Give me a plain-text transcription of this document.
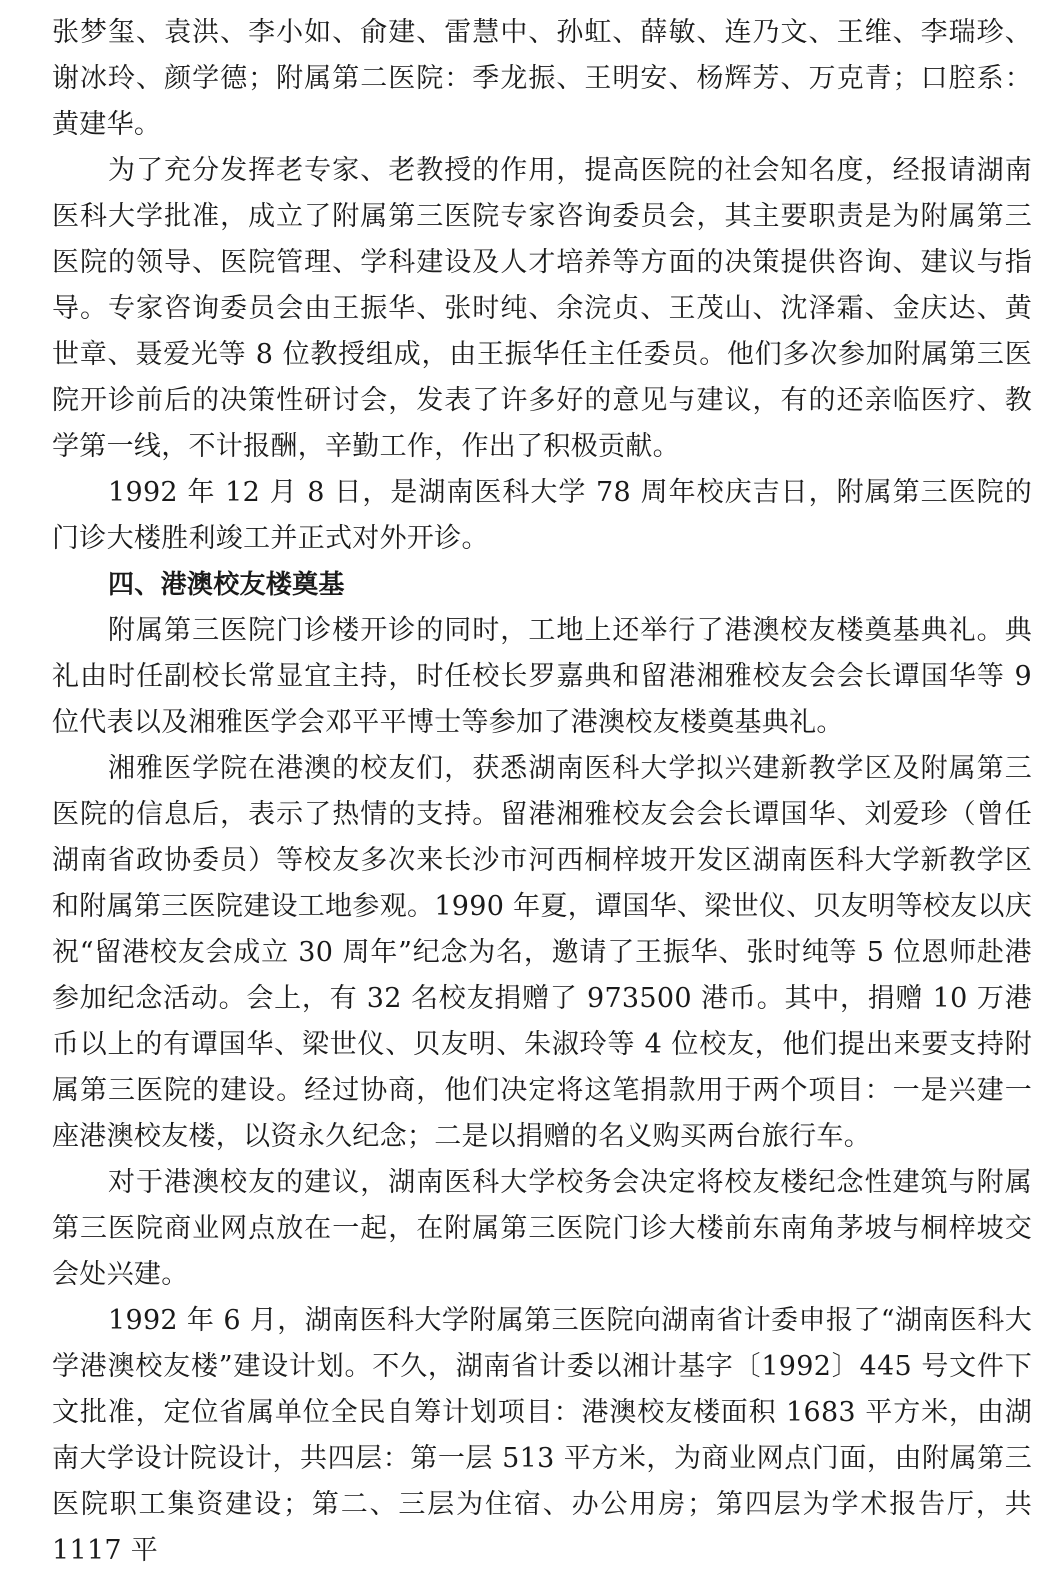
张梦玺、袁洪、李小如、俞建、雷慧中、孙虹、薛敏、连乃文、王维、李瑞珍、谢冰玲、颜学德；附属第二医院：季龙振、王明安、杨辉芳、万克青；口腔系：黄建华。

为了充分发挥老专家、老教授的作用，提高医院的社会知名度，经报请湖南医科大学批准，成立了附属第三医院专家咨询委员会，其主要职责是为附属第三医院的领导、医院管理、学科建设及人才培养等方面的决策提供咨询、建议与指导。专家咨询委员会由王振华、张时纯、余浣贞、王茂山、沈泽霜、金庆达、黄世章、聂爱光等 8 位教授组成，由王振华任主任委员。他们多次参加附属第三医院开诊前后的决策性研讨会，发表了许多好的意见与建议，有的还亲临医疗、教学第一线，不计报酬，辛勤工作，作出了积极贡献。

1992 年 12 月 8 日，是湖南医科大学 78 周年校庆吉日，附属第三医院的门诊大楼胜利竣工并正式对外开诊。

四、港澳校友楼奠基

附属第三医院门诊楼开诊的同时，工地上还举行了港澳校友楼奠基典礼。典礼由时任副校长常显宜主持，时任校长罗嘉典和留港湘雅校友会会长谭国华等 9 位代表以及湘雅医学会邓平平博士等参加了港澳校友楼奠基典礼。

湘雅医学院在港澳的校友们，获悉湖南医科大学拟兴建新教学区及附属第三医院的信息后，表示了热情的支持。留港湘雅校友会会长谭国华、刘爱珍（曾任湖南省政协委员）等校友多次来长沙市河西桐梓坡开发区湖南医科大学新教学区和附属第三医院建设工地参观。1990 年夏，谭国华、梁世仪、贝友明等校友以庆祝“留港校友会成立 30 周年”纪念为名，邀请了王振华、张时纯等 5 位恩师赴港参加纪念活动。会上，有 32 名校友捐赠了 973500 港币。其中，捐赠 10 万港币以上的有谭国华、梁世仪、贝友明、朱淑玲等 4 位校友，他们提出来要支持附属第三医院的建设。经过协商，他们决定将这笔捐款用于两个项目：一是兴建一座港澳校友楼，以资永久纪念；二是以捐赠的名义购买两台旅行车。

对于港澳校友的建议，湖南医科大学校务会决定将校友楼纪念性建筑与附属第三医院商业网点放在一起，在附属第三医院门诊大楼前东南角茅坡与桐梓坡交会处兴建。

1992 年 6 月，湖南医科大学附属第三医院向湖南省计委申报了“湖南医科大学港澳校友楼”建设计划。不久，湖南省计委以湘计基字〔1992〕445 号文件下文批准，定位省属单位全民自筹计划项目：港澳校友楼面积 1683 平方米，由湖南大学设计院设计，共四层：第一层 513 平方米，为商业网点门面，由附属第三医院职工集资建设；第二、三层为住宿、办公用房；第四层为学术报告厅，共 1117 平
